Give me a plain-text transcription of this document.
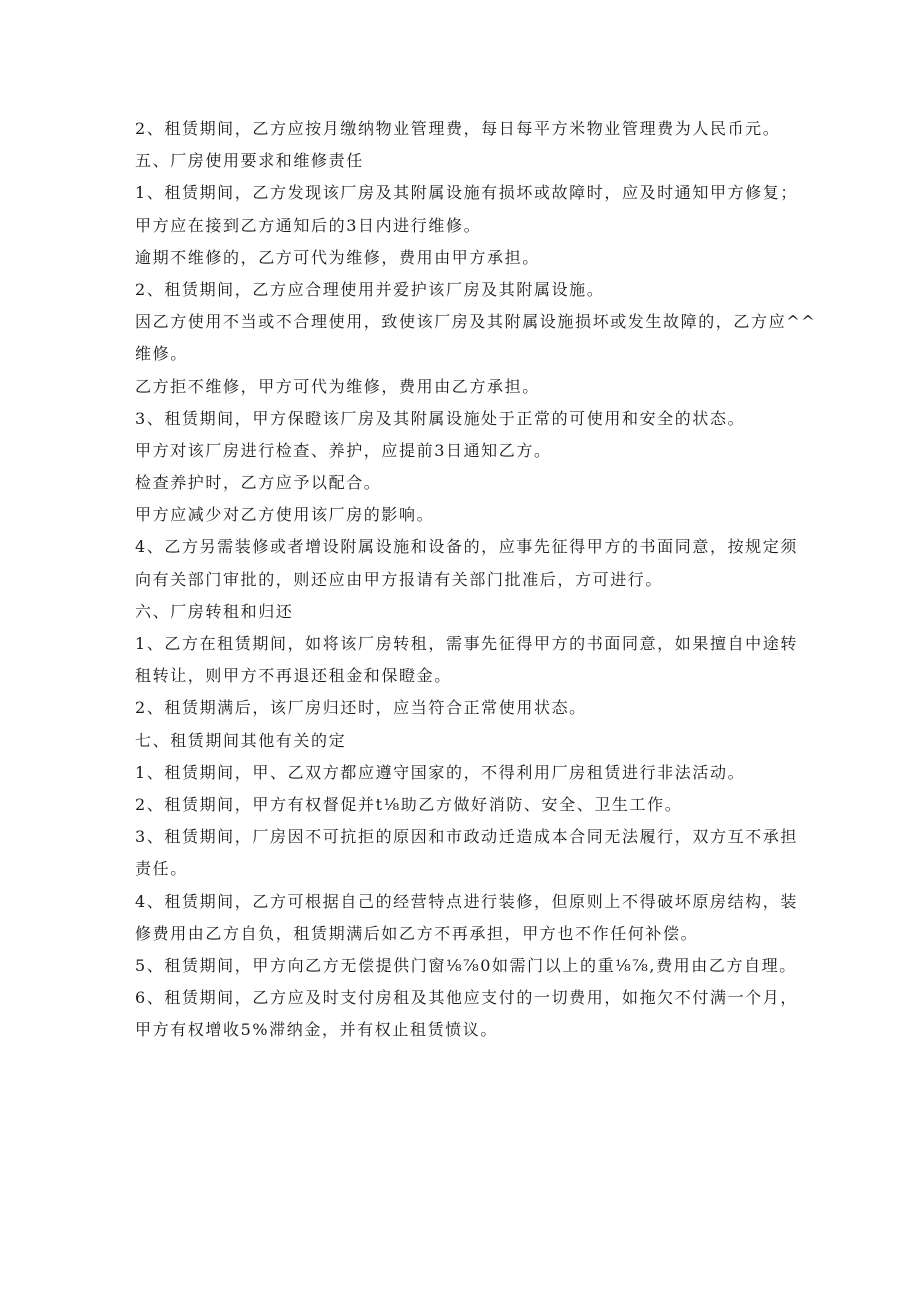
2、租赁期间，乙方应按月缴纳物业管理费，每日每平方米物业管理费为人民币元。
五、厂房使用要求和维修责任
1、租赁期间，乙方发现该厂房及其附属设施有损坏或故障时，应及时通知甲方修复；
甲方应在接到乙方通知后的3日内进行维修。
逾期不维修的，乙方可代为维修，费用由甲方承担。
2、租赁期间，乙方应合理使用并爱护该厂房及其附属设施。
因乙方使用不当或不合理使用，致使该厂房及其附属设施损坏或发生故障的，乙方应^^
维修。
乙方拒不维修，甲方可代为维修，费用由乙方承担。
3、租赁期间，甲方保瞪该厂房及其附属设施处于正常的可使用和安全的状态。
甲方对该厂房进行检查、养护，应提前3日通知乙方。
检查养护时，乙方应予以配合。
甲方应减少对乙方使用该厂房的影响。
4、乙方另需装修或者增设附属设施和设备的，应事先征得甲方的书面同意，按规定须
向有关部门审批的，则还应由甲方报请有关部门批准后，方可进行。
六、厂房转租和归还
1、乙方在租赁期间，如将该厂房转租，需事先征得甲方的书面同意，如果擅自中途转
租转让，则甲方不再退还租金和保瞪金。
2、租赁期满后，该厂房归还时，应当符合正常使用状态。
七、租赁期间其他有关的定
1、租赁期间，甲、乙双方都应遵守国家的，不得利用厂房租赁进行非法活动。
2、租赁期间，甲方有权督促并t⅛助乙方做好消防、安全、卫生工作。
3、租赁期间，厂房因不可抗拒的原因和市政动迁造成本合同无法履行，双方互不承担
责任。
4、租赁期间，乙方可根据自己的经营特点进行装修，但原则上不得破坏原房结构，装
修费用由乙方自负，租赁期满后如乙方不再承担，甲方也不作任何补偿。
5、租赁期间，甲方向乙方无偿提供门窗⅛⅞0如需门以上的重⅛⅞,费用由乙方自理。
6、租赁期间，乙方应及时支付房租及其他应支付的一切费用，如拖欠不付满一个月，
甲方有权增收5%滞纳金，并有权止租赁愤议。
